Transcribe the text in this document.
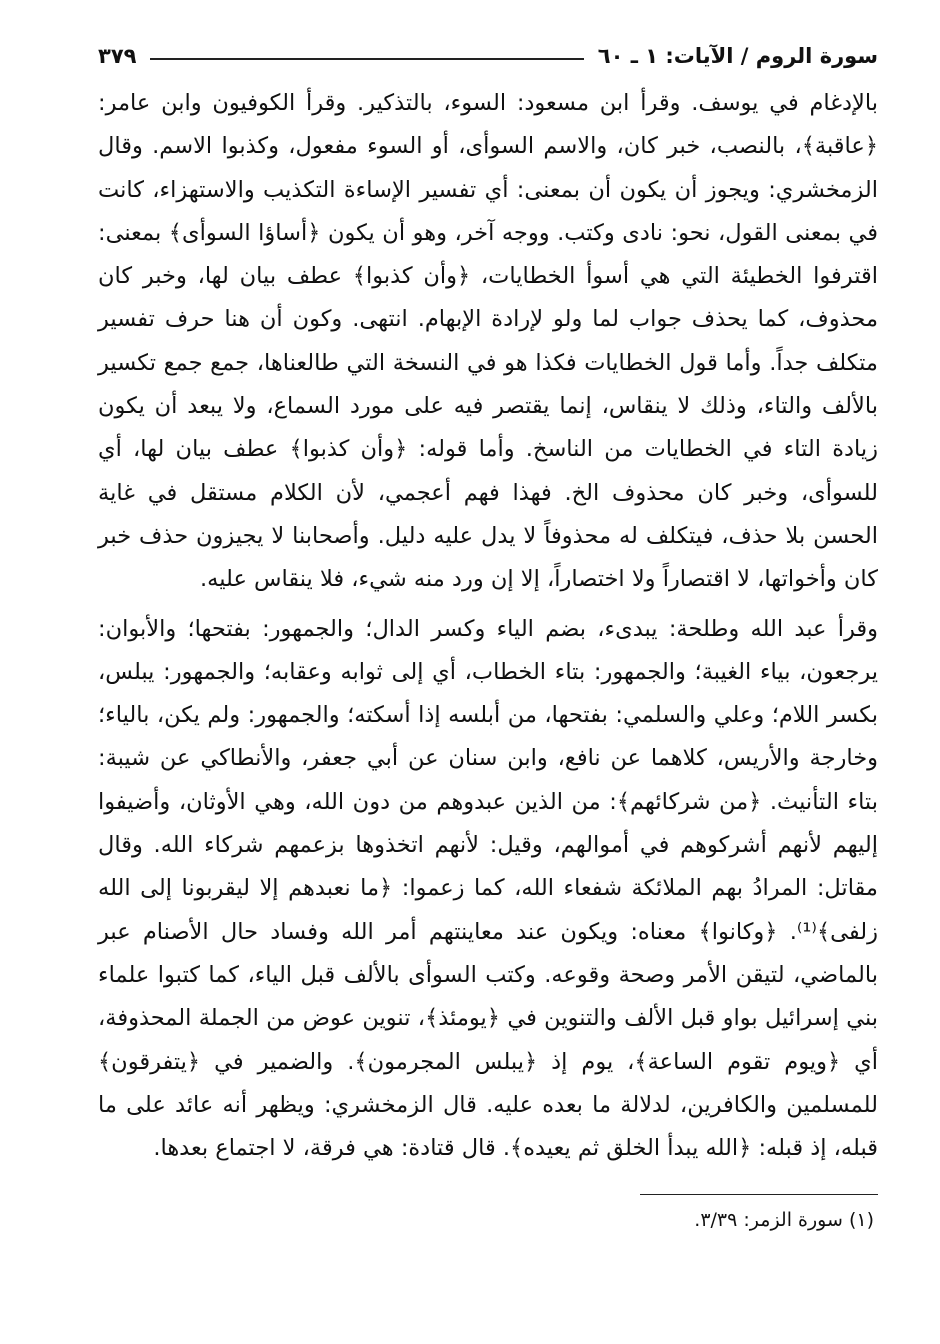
سورة الروم / الآيات: ١ ـ ٦٠
٣٧٩

بالإدغام في يوسف. وقرأ ابن مسعود: السوء، بالتذكير. وقرأ الكوفيون وابن عامر: ﴿عاقبة﴾، بالنصب، خبر كان، والاسم السوأى، أو السوء مفعول، وكذبوا الاسم. وقال الزمخشري: ويجوز أن يكون أن بمعنى: أي تفسير الإساءة التكذيب والاستهزاء، كانت في بمعنى القول، نحو: نادى وكتب. ووجه آخر، وهو أن يكون ﴿أساؤا السوأى﴾ بمعنى: اقترفوا الخطيئة التي هي أسوأ الخطايات، ﴿وأن كذبوا﴾ عطف بيان لها، وخبر كان محذوف، كما يحذف جواب لما ولو لإرادة الإبهام. انتهى. وكون أن هنا حرف تفسير متكلف جداً. وأما قول الخطايات فكذا هو في النسخة التي طالعناها، جمع جمع تكسير بالألف والتاء، وذلك لا ينقاس، إنما يقتصر فيه على مورد السماع، ولا يبعد أن يكون زيادة التاء في الخطايات من الناسخ. وأما قوله: ﴿وأن كذبوا﴾ عطف بيان لها، أي للسوأى، وخبر كان محذوف الخ. فهذا فهم أعجمي، لأن الكلام مستقل في غاية الحسن بلا حذف، فيتكلف له محذوفاً لا يدل عليه دليل. وأصحابنا لا يجيزون حذف خبر كان وأخواتها، لا اقتصاراً ولا اختصاراً، إلا إن ورد منه شيء، فلا ينقاس عليه.

وقرأ عبد الله وطلحة: يبدىء، بضم الياء وكسر الدال؛ والجمهور: بفتحها؛ والأبوان: يرجعون، بياء الغيبة؛ والجمهور: بتاء الخطاب، أي إلى ثوابه وعقابه؛ والجمهور: يبلس، بكسر اللام؛ وعلي والسلمي: بفتحها، من أبلسه إذا أسكته؛ والجمهور: ولم يكن، بالياء؛ وخارجة والأريس، كلاهما عن نافع، وابن سنان عن أبي جعفر، والأنطاكي عن شيبة: بتاء التأنيث. ﴿من شركائهم﴾: من الذين عبدوهم من دون الله، وهي الأوثان، وأضيفوا إليهم لأنهم أشركوهم في أموالهم، وقيل: لأنهم اتخذوها بزعمهم شركاء الله. وقال مقاتل: المرادُ بهم الملائكة شفعاء الله، كما زعموا: ﴿ما نعبدهم إلا ليقربونا إلى الله زلفى﴾⁽¹⁾. ﴿وكانوا﴾ معناه: ويكون عند معاينتهم أمر الله وفساد حال الأصنام عبر بالماضي، لتيقن الأمر وصحة وقوعه. وكتب السوأى بالألف قبل الياء، كما كتبوا علماء بني إسرائيل بواو قبل الألف والتنوين في ﴿يومئذ﴾، تنوين عوض من الجملة المحذوفة، أي ﴿ويوم تقوم الساعة﴾، يوم إذ ﴿يبلس المجرمون﴾. والضمير في ﴿يتفرقون﴾ للمسلمين والكافرين، لدلالة ما بعده عليه. قال الزمخشري: ويظهر أنه عائد على ما قبله، إذ قبله: ﴿الله يبدأ الخلق ثم يعيده﴾. قال قتادة: هي فرقة، لا اجتماع بعدها.

(١) سورة الزمر: ٣/٣٩.
